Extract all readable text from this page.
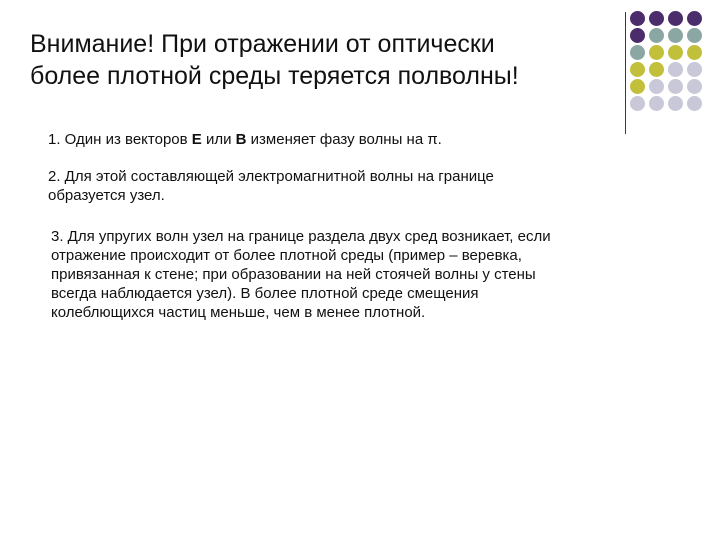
Внимание! При отражении от оптически
более плотной среды теряется полволны!

1. Один из векторов E или B изменяет фазу волны на π.

2. Для этой составляющей электромагнитной волны на границе
образуется узел.

3. Для упругих волн узел на границе раздела двух сред возникает, если
отражение происходит от более плотной среды (пример – веревка,
привязанная к стене; при образовании на ней стоячей волны у стены
всегда наблюдается узел). В более плотной среде смещения
колеблющихся частиц меньше, чем в менее плотной.
